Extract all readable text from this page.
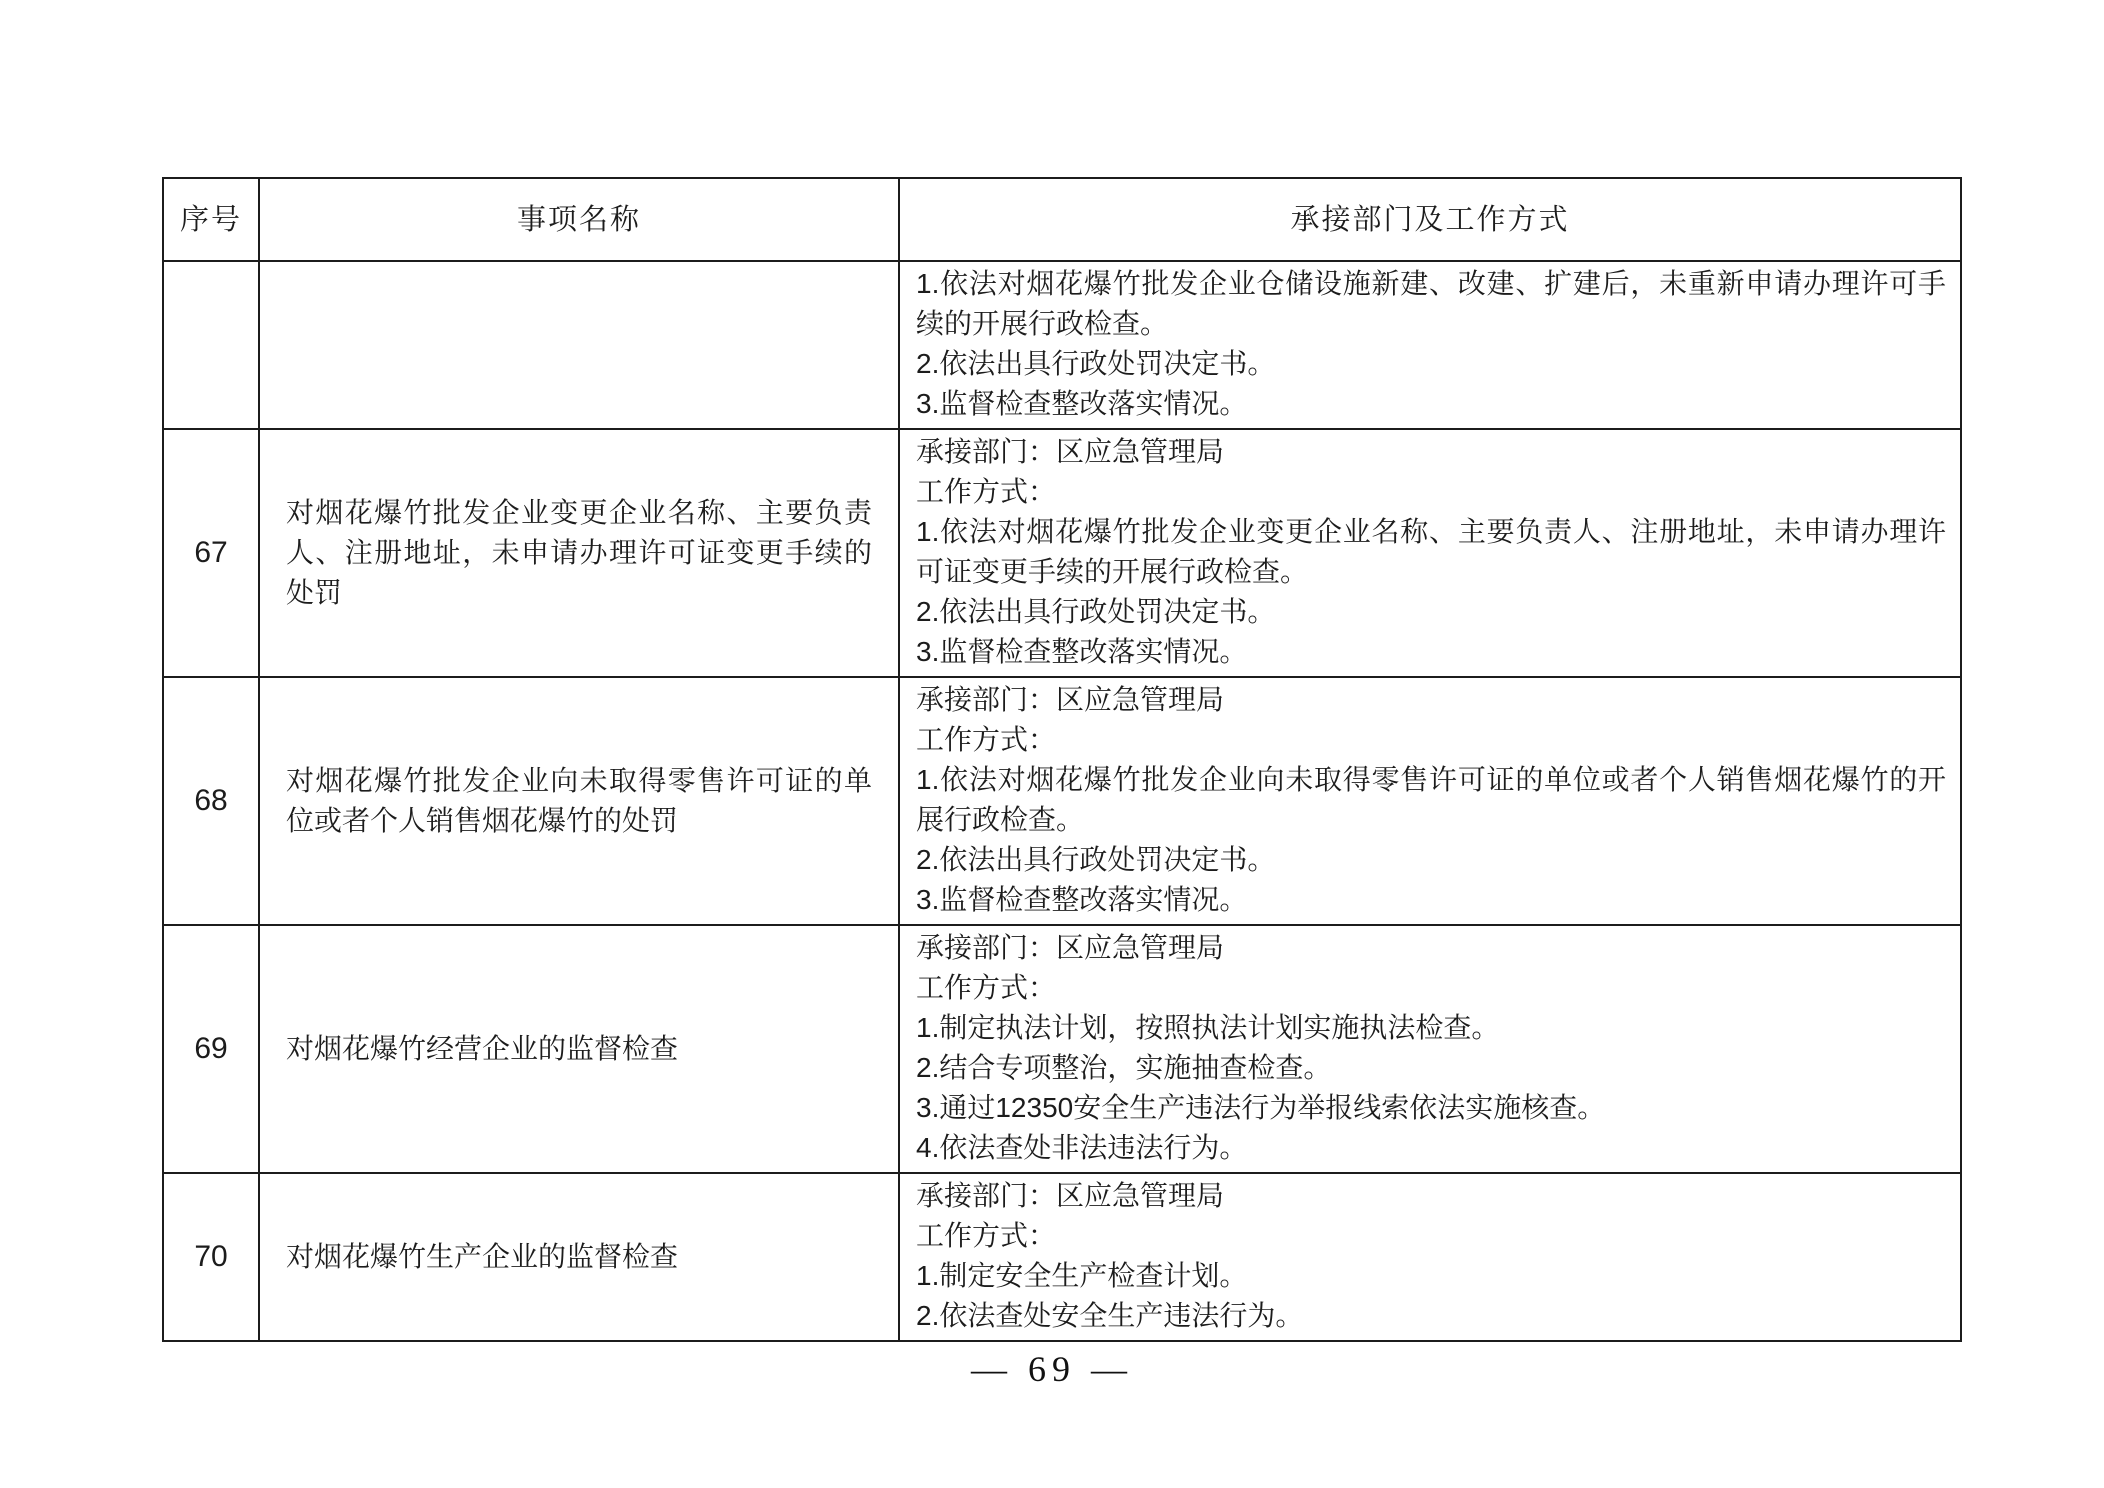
序号	事项名称	承接部门及工作方式
1.依法对烟花爆竹批发企业仓储设施新建、改建、扩建后，未重新申请办理许可手续的开展行政检查。
2.依法出具行政处罚决定书。
3.监督检查整改落实情况。
67
对烟花爆竹批发企业变更企业名称、主要负责人、注册地址，未申请办理许可证变更手续的处罚
承接部门：区应急管理局
工作方式：
1.依法对烟花爆竹批发企业变更企业名称、主要负责人、注册地址，未申请办理许可证变更手续的开展行政检查。
2.依法出具行政处罚决定书。
3.监督检查整改落实情况。
68
对烟花爆竹批发企业向未取得零售许可证的单位或者个人销售烟花爆竹的处罚
承接部门：区应急管理局
工作方式：
1.依法对烟花爆竹批发企业向未取得零售许可证的单位或者个人销售烟花爆竹的开展行政检查。
2.依法出具行政处罚决定书。
3.监督检查整改落实情况。
69 对烟花爆竹经营企业的监督检查
承接部门：区应急管理局
工作方式：
1.制定执法计划，按照执法计划实施执法检查。
2.结合专项整治，实施抽查检查。
3.通过12350安全生产违法行为举报线索依法实施核查。
4.依法查处非法违法行为。
70 对烟花爆竹生产企业的监督检查
承接部门：区应急管理局
工作方式：
1.制定安全生产检查计划。
2.依法查处安全生产违法行为。
— 69 —
